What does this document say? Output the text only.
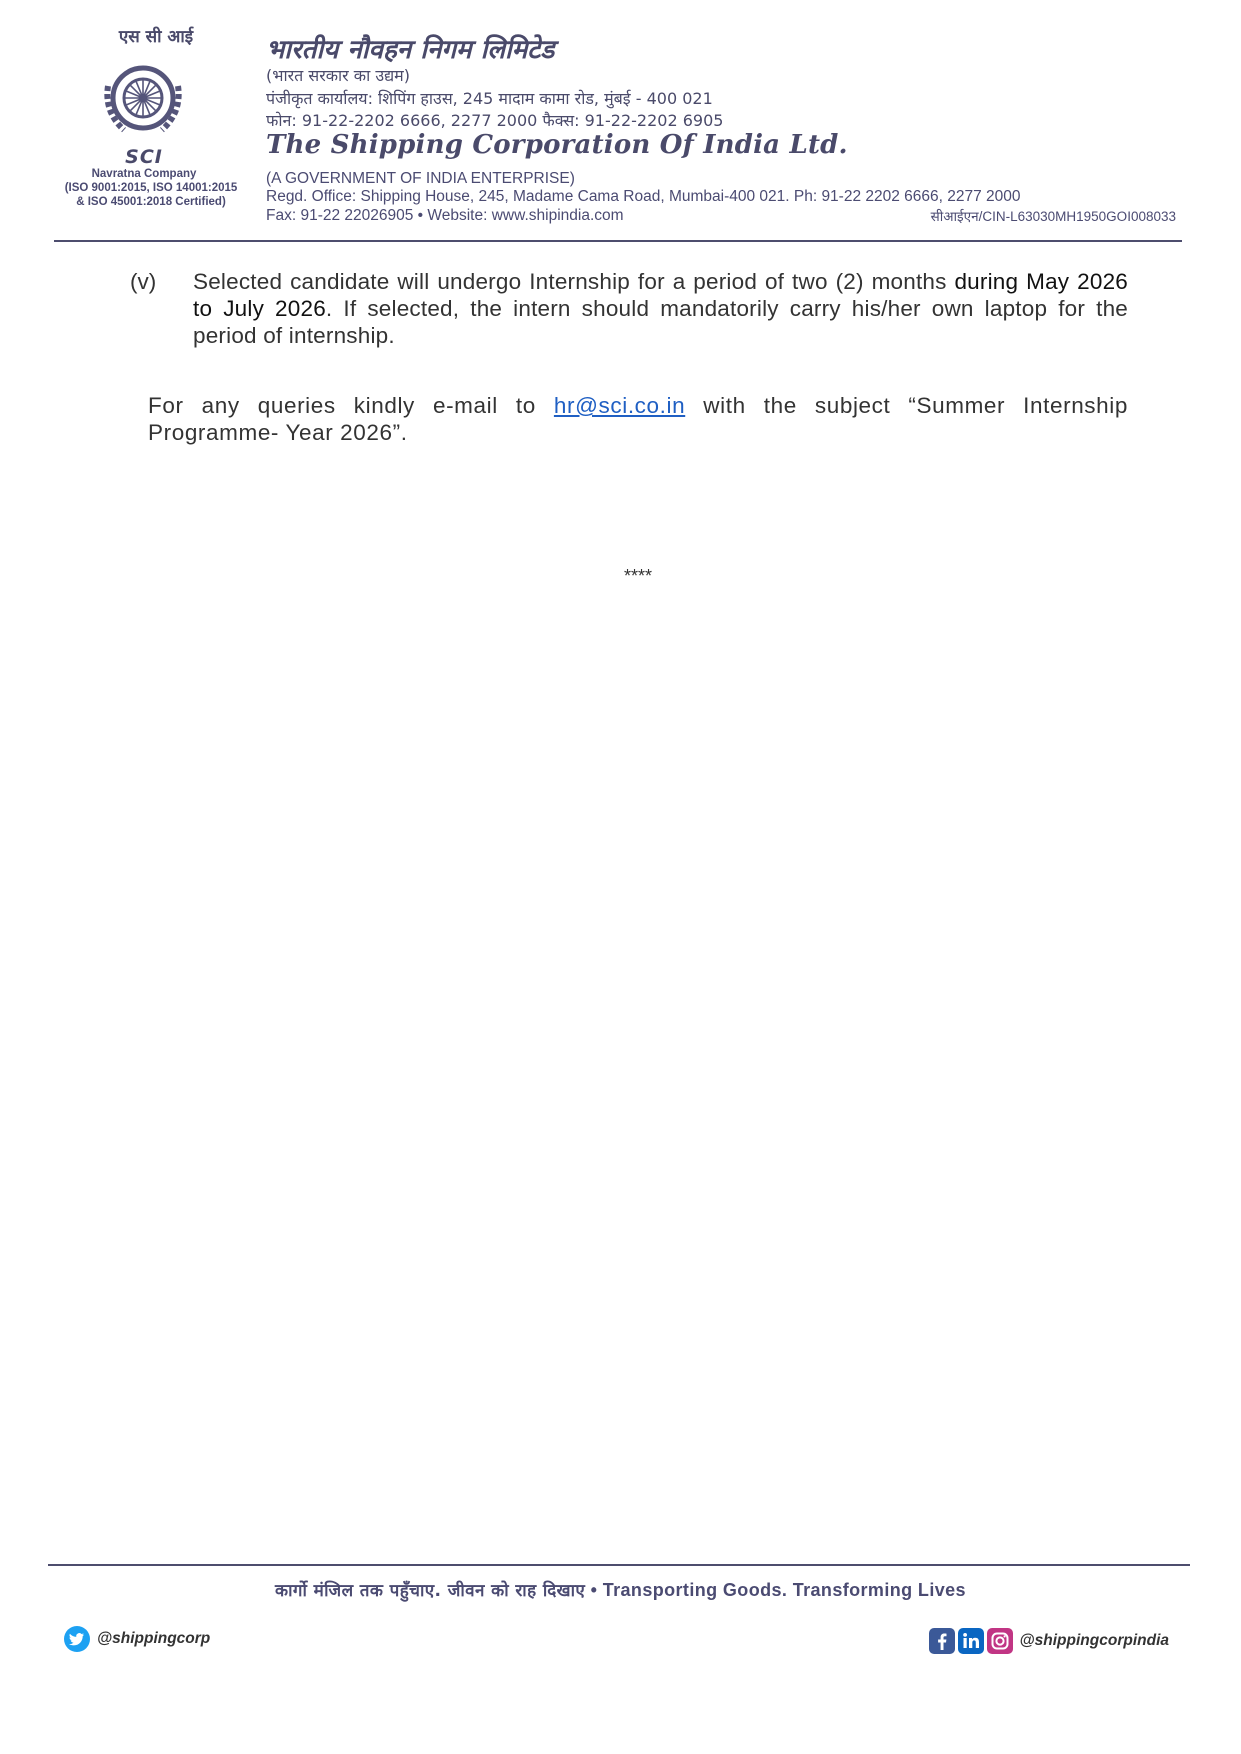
एस सी आई
SCI
Navratna Company
(ISO 9001:2015, ISO 14001:2015
& ISO 45001:2018 Certified)
भारतीय नौवहन निगम लिमिटेड
(भारत सरकार का उद्यम)
पंजीकृत कार्यालय: शिपिंग हाउस, 245 मादाम कामा रोड, मुंबई - 400 021
फोन: 91-22-2202 6666, 2277 2000 फैक्स: 91-22-2202 6905
The Shipping Corporation Of India Ltd.
(A GOVERNMENT OF INDIA ENTERPRISE)
Regd. Office: Shipping House, 245, Madame Cama Road, Mumbai-400 021. Ph: 91-22 2202 6666, 2277 2000
Fax: 91-22 22026905 • Website: www.shipindia.com	सीआईएन/CIN-L63030MH1950GOI008033
(v)	Selected candidate will undergo Internship for a period of two (2) months during May 2026 to July 2026. If selected, the intern should mandatorily carry his/her own laptop for the period of internship.
For any queries kindly e-mail to hr@sci.co.in with the subject “Summer Internship Programme- Year 2026”.
****
कार्गो मंजिल तक पहुँचाए. जीवन को राह दिखाए • Transporting Goods. Transforming Lives
@shippingcorp	@shippingcorpindia
